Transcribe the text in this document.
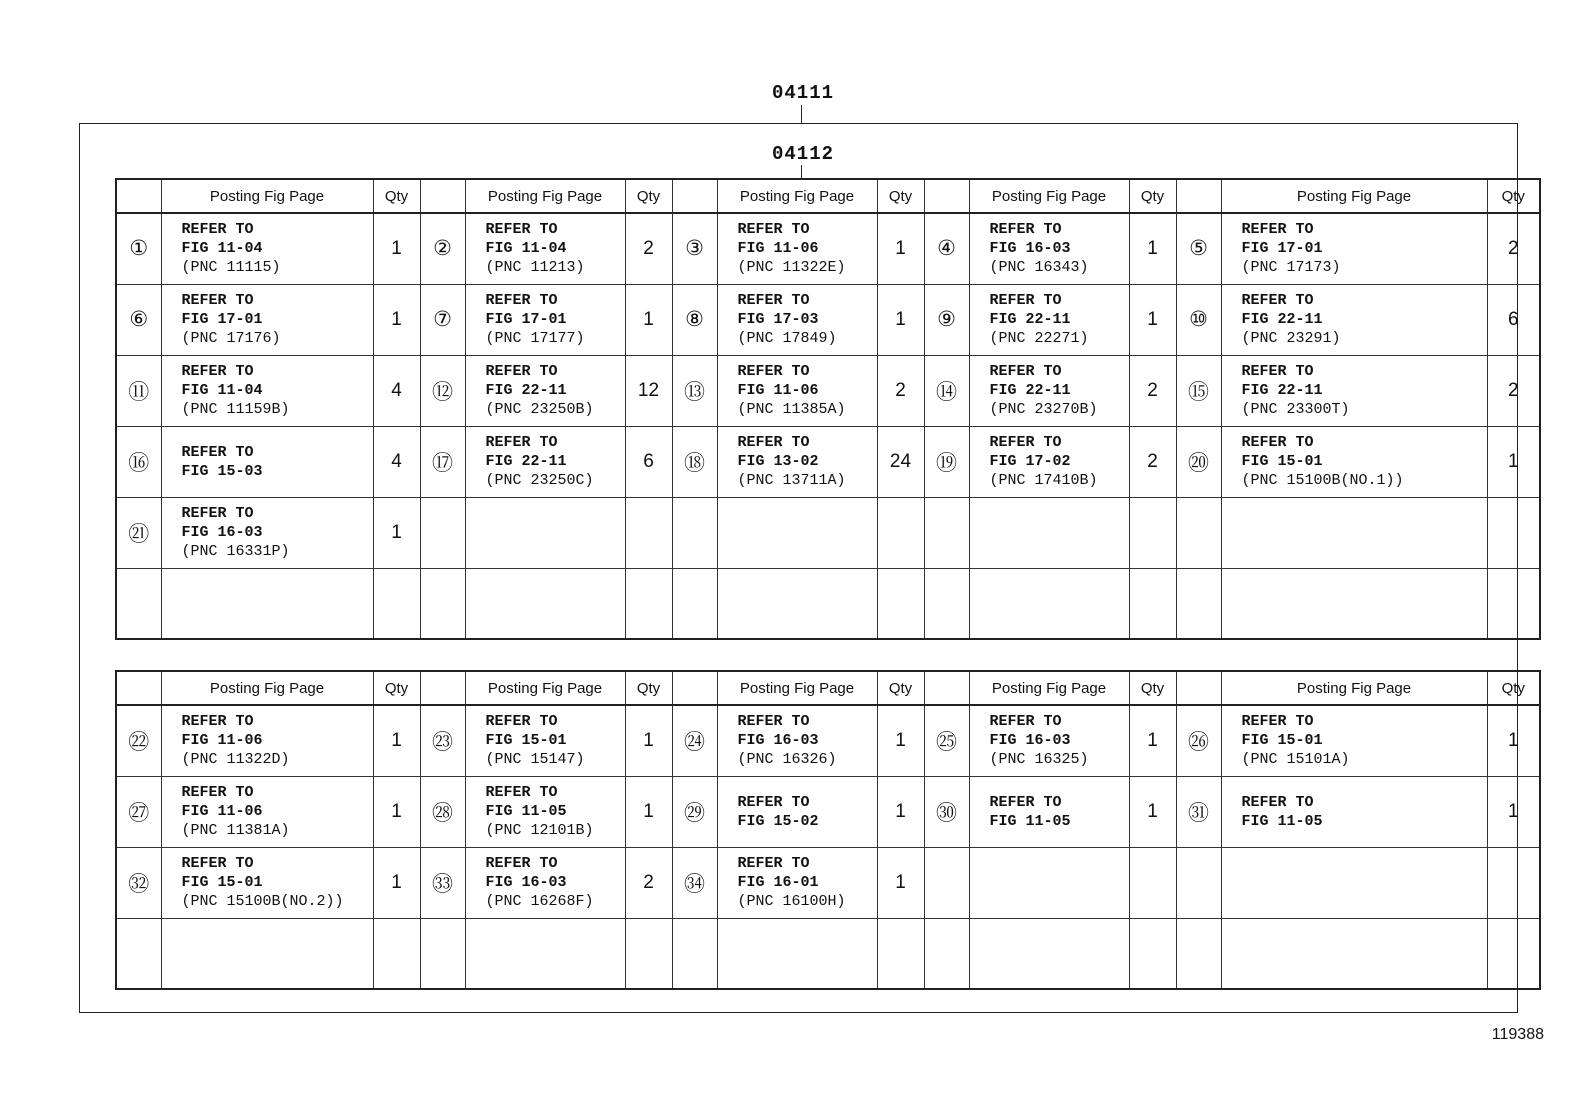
04111
04112
	Posting Fig Page	Qty		Posting Fig Page	Qty		Posting Fig Page	Qty		Posting Fig Page	Qty		Posting Fig Page	Qty
①	REFER TO
FIG 11-04
(PNC 11115)	1	②	REFER TO
FIG 11-04
(PNC 11213)	2	③	REFER TO
FIG 11-06
(PNC 11322E)	1	④	REFER TO
FIG 16-03
(PNC 16343)	1	⑤	REFER TO
FIG 17-01
(PNC 17173)	2
⑥	REFER TO
FIG 17-01
(PNC 17176)	1	⑦	REFER TO
FIG 17-01
(PNC 17177)	1	⑧	REFER TO
FIG 17-03
(PNC 17849)	1	⑨	REFER TO
FIG 22-11
(PNC 22271)	1	⑩	REFER TO
FIG 22-11
(PNC 23291)	6
⑪	REFER TO
FIG 11-04
(PNC 11159B)	4	⑫	REFER TO
FIG 22-11
(PNC 23250B)	12	⑬	REFER TO
FIG 11-06
(PNC 11385A)	2	⑭	REFER TO
FIG 22-11
(PNC 23270B)	2	⑮	REFER TO
FIG 22-11
(PNC 23300T)	2
⑯	REFER TO
FIG 15-03	4	⑰	REFER TO
FIG 22-11
(PNC 23250C)	6	⑱	REFER TO
FIG 13-02
(PNC 13711A)	24	⑲	REFER TO
FIG 17-02
(PNC 17410B)	2	⑳	REFER TO
FIG 15-01
(PNC 15100B(NO.1))	1
㉑	REFER TO
FIG 16-03
(PNC 16331P)	1		

	Posting Fig Page	Qty		Posting Fig Page	Qty		Posting Fig Page	Qty		Posting Fig Page	Qty		Posting Fig Page	Qty
㉒	REFER TO
FIG 11-06
(PNC 11322D)	1	㉓	REFER TO
FIG 15-01
(PNC 15147)	1	㉔	REFER TO
FIG 16-03
(PNC 16326)	1	㉕	REFER TO
FIG 16-03
(PNC 16325)	1	㉖	REFER TO
FIG 15-01
(PNC 15101A)	1
㉗	REFER TO
FIG 11-06
(PNC 11381A)	1	㉘	REFER TO
FIG 11-05
(PNC 12101B)	1	㉙	REFER TO
FIG 15-02	1	㉚	REFER TO
FIG 11-05	1	㉛	REFER TO
FIG 11-05	1
㉜	REFER TO
FIG 15-01
(PNC 15100B(NO.2))	1	㉝	REFER TO
FIG 16-03
(PNC 16268F)	2	㉞	REFER TO
FIG 16-01
(PNC 16100H)	1		

119388
